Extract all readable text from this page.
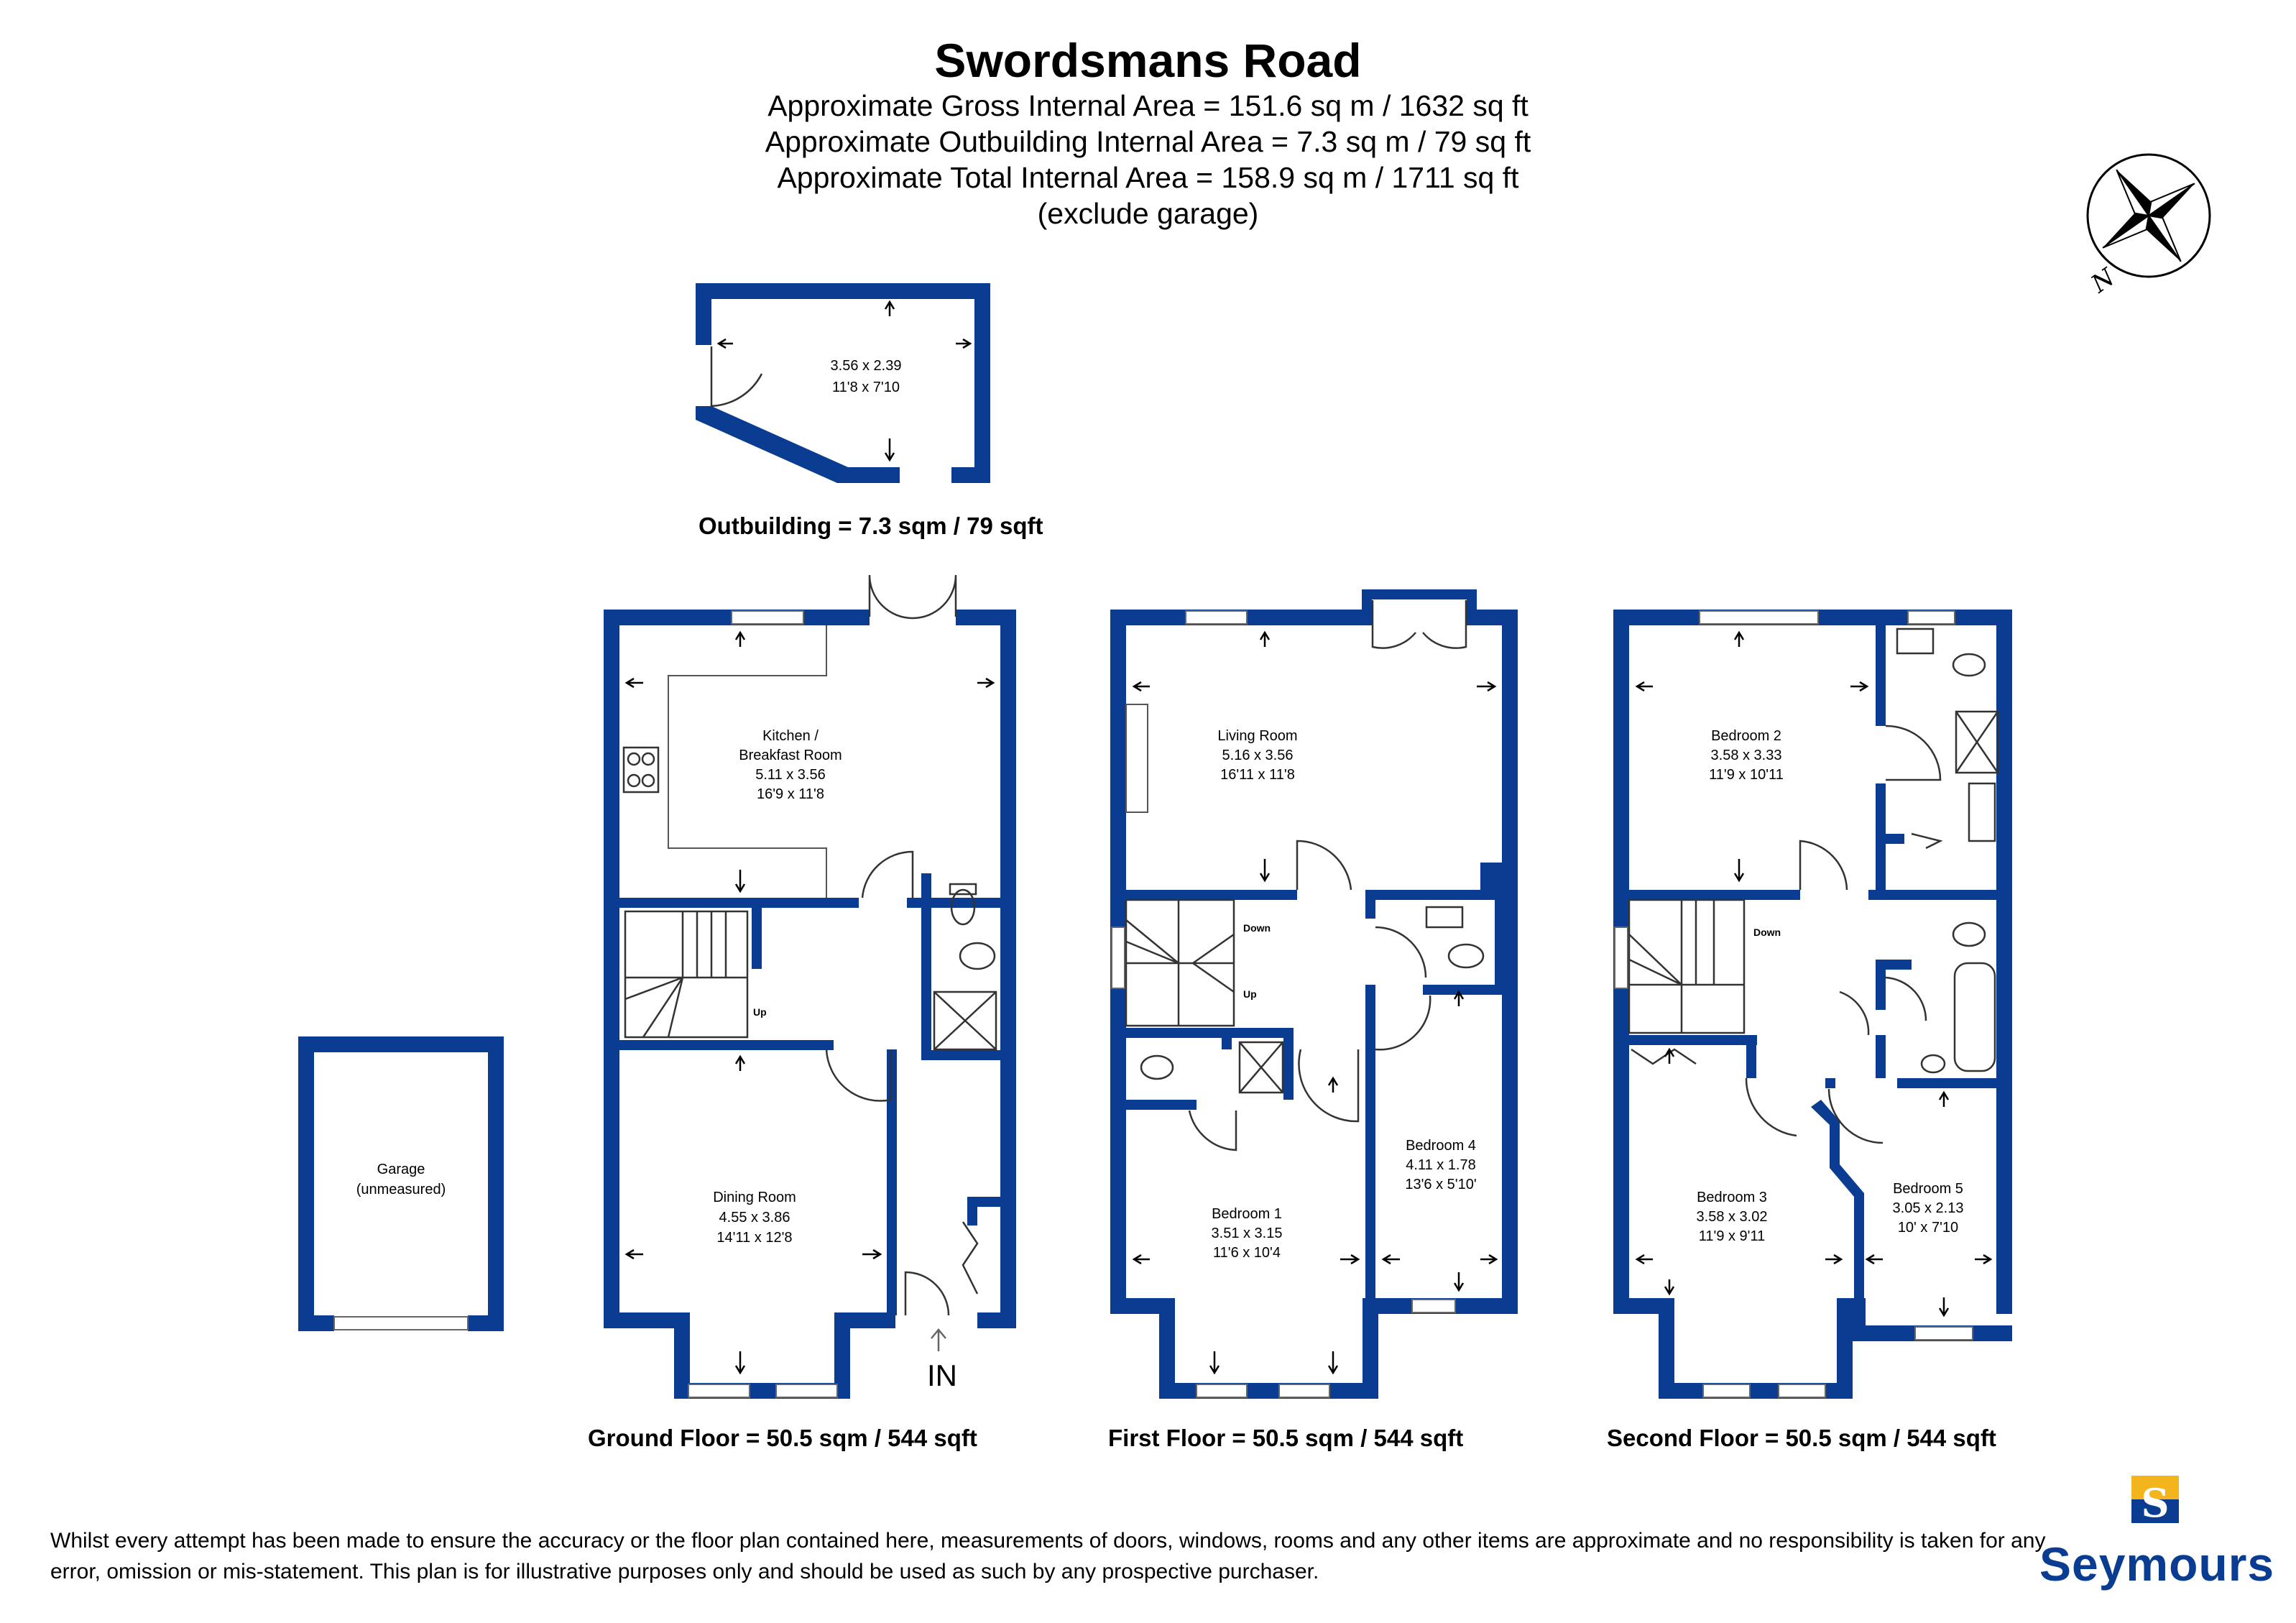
Swordsmans Road
Approximate Gross Internal Area = 151.6 sq m / 1632 sq ft
Approximate Outbuilding Internal Area = 7.3 sq m / 79 sq ft
Approximate Total Internal Area = 158.9 sq m / 1711 sq ft
(exclude garage)
N
3.56 x 2.39
11'8 x 7'10
Garage
(unmeasured)
Up
Kitchen /
Breakfast Room
5.11 x 3.56
16'9 x 11'8
Dining Room
4.55 x 3.86
14'11 x 12'8
Down
Up
Living Room
5.16 x 3.56
16'11 x 11'8
Bedroom 1
3.51 x 3.15
11'6 x 10'4
Bedroom 4
4.11 x 1.78
13'6 x 5'10'
Down
Bedroom 2
3.58 x 3.33
11'9 x 10'11
Bedroom 3
3.58 x 3.02
11'9 x 9'11
Bedroom 5
3.05 x 2.13
10' x 7'10
S
Ground Floor = 50.5 sqm / 544 sqft	First Floor = 50.5 sqm / 544 sqft	Second Floor = 50.5 sqm / 544 sqft
Outbuilding = 7.3 sqm / 79 sqft
IN
Whilst every attempt has been made to ensure the accuracy or the floor plan contained here, measurements of doors, windows, rooms and any other items are approximate and no responsibility is taken for any error, omission or mis-statement. This plan is for illustrative purposes only and should be used as such by any prospective purchaser.	Seymours
